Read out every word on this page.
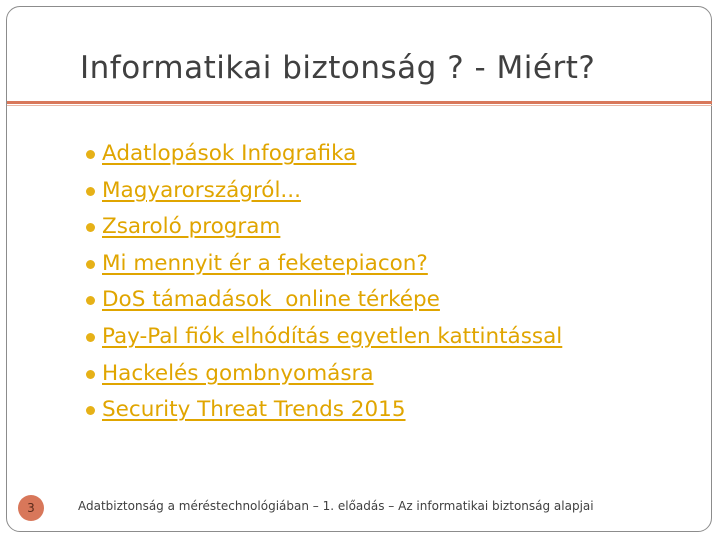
Informatikai biztonság ? - Miért?
Adatlopások Infografika
Magyarországról...
Zsaroló program
Mi mennyit ér a feketepiacon?
DoS támadások  online térképe
Pay-Pal fiók elhódítás egyetlen kattintással
Hackelés gombnyomásra
Security Threat Trends 2015
3	Adatbiztonság a méréstechnológiában – 1. előadás – Az informatikai biztonság alapjai
